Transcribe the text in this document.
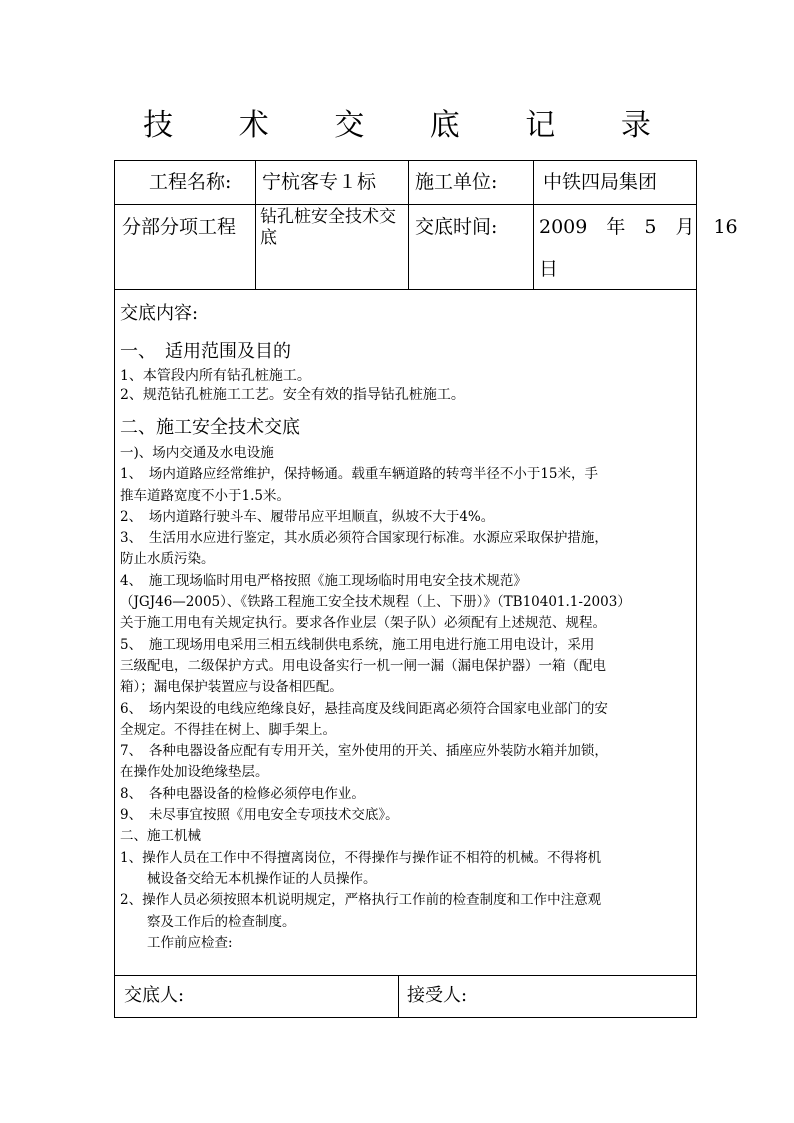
技 术 交 底 记 录
工程名称: 宁杭客专１标 施工单位: 中铁四局集团
分部分项工程 钻孔桩安全技术交底	交底时间: 2009　年　5　月　16
日

交底内容:

一、　适用范围及目的

1、本管段内所有钻孔桩施工。

2、规范钻孔桩施工工艺。安全有效的指导钻孔桩施工。

二、施工安全技术交底

一)、场内交通及水电设施

1、　场内道路应经常维护，保持畅通。载重车辆道路的转弯半径不小于15米，手

推车道路宽度不小于1.5米。

2、　场内道路行驶斗车、履带吊应平坦顺直，纵坡不大于4%。

3、　生活用水应进行鉴定，其水质必须符合国家现行标准。水源应采取保护措施，

防止水质污染。

4、　施工现场临时用电严格按照《施工现场临时用电安全技术规范》

（JGJ46—2005）、《铁路工程施工安全技术规程（上、下册）》（TB10401.1-2003）

关于施工用电有关规定执行。要求各作业层（架子队）必须配有上述规范、规程。

5、　施工现场用电采用三相五线制供电系统，施工用电进行施工用电设计，采用

三级配电，二级保护方式。用电设备实行一机一闸一漏（漏电保护器）一箱（配电

箱）；漏电保护装置应与设备相匹配。

6、　场内架设的电线应绝缘良好，悬挂高度及线间距离必须符合国家电业部门的安

全规定。不得挂在树上、脚手架上。

7、　各种电器设备应配有专用开关，室外使用的开关、插座应外装防水箱并加锁，

在操作处加设绝缘垫层。

8、　各种电器设备的检修必须停电作业。

9、　未尽事宜按照《用电安全专项技术交底》。

二、施工机械

1、操作人员在工作中不得擅离岗位，不得操作与操作证不相符的机械。不得将机

　　械设备交给无本机操作证的人员操作。

2、操作人员必须按照本机说明规定，严格执行工作前的检查制度和工作中注意观

　　察及工作后的检查制度。

　　工作前应检查:

交底人:	接受人:
